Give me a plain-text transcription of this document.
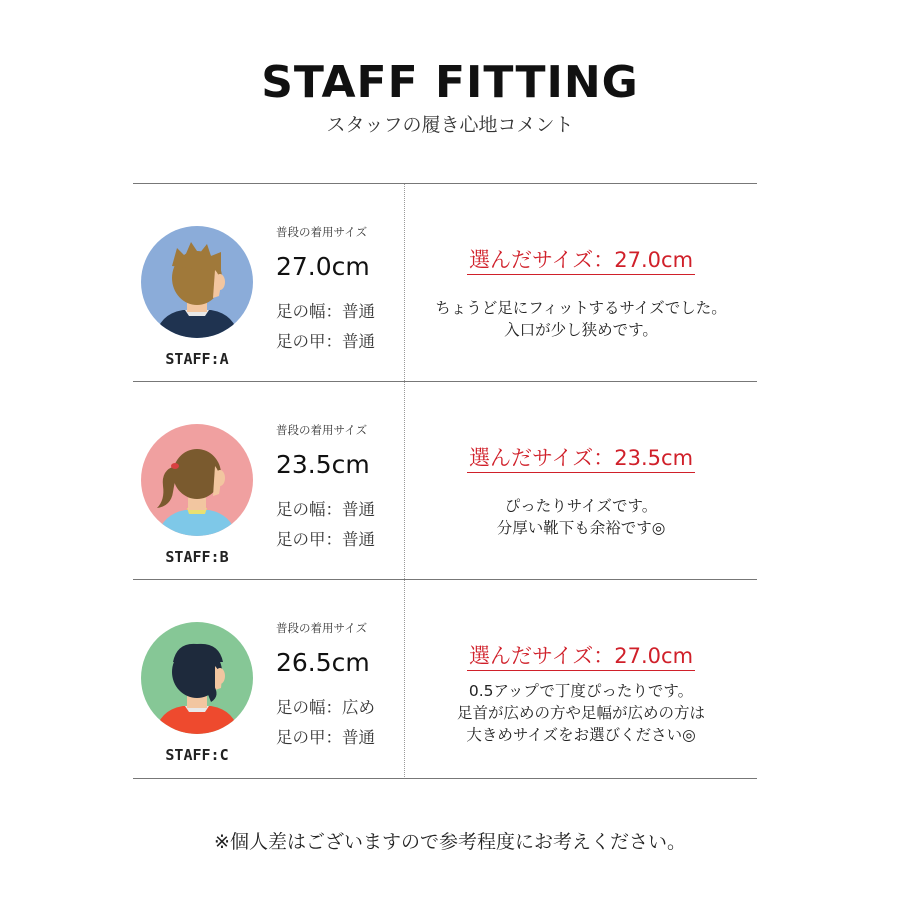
STAFF FITTING
スタッフの履き心地コメント
STAFF:A
普段の着用サイズ
27.0cm
足の幅：普通
足の甲：普通
選んだサイズ：27.0cm
ちょうど足にフィットするサイズでした。
入口が少し狭めです。
STAFF:B
普段の着用サイズ
23.5cm
足の幅：普通
足の甲：普通
選んだサイズ：23.5cm
ぴったりサイズです。
分厚い靴下も余裕です◎
STAFF:C
普段の着用サイズ
26.5cm
足の幅：広め
足の甲：普通
選んだサイズ：27.0cm
0.5アップで丁度ぴったりです。
足首が広めの方や足幅が広めの方は
大きめサイズをお選びください◎
※個人差はございますので参考程度にお考えください。
